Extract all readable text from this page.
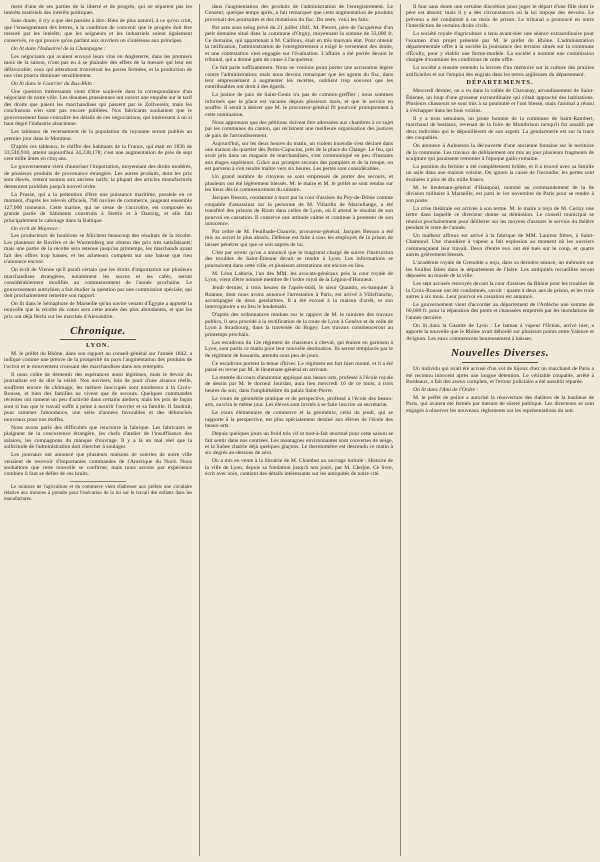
ment d'une de ses parties de la liberté et de progrès, qui ne séparent pas les intérêts matériels des intérêts politiques.

Sans doute, il n'y a que des paroles à dire. Rien de plus naturel, à ce qu'on croit, que l'enseignement des lettres, à la condition de convenir que le progrès doit être mesuré par les intérêts; que les seigneurs et les industriels soient également conservés, ce qui prouve qu'en parlant aux ouvriers on s'intéresse aux principes.

On lit dans l'Industriel de la Champagne :

Les négociants qui avaient envoyé leurs vins en Angleterre, dans les premiers mois de la saison, n'ont pas eu à se plaindre des effets de la mesure qui leur est défavorable; ceux qui attendront trouveront les portes fermées, et la production de nos vins pourra diminuer sensiblement.

On lit dans le Courrier du Bas-Rhin :

Une question intéressante vient d'être soulevée dans la correspondance d'un négociant de notre ville. Les douanes prussiennes ont ouvert une enquête sur le tarif des droits que paient les marchandises qui passent par le Zollverein; mais les conclusions n'en sont pas encore publiées. Nos fabricants souhaitent que le gouvernement fasse connaître les détails de ces négociations, qui intéressent à un si haut degré l'industrie alsacienne.

Les tableaux de recensement de la population du royaume seront publiés au premier jour dans le Moniteur.

D'après ces tableaux, le chiffre des habitants de la France, qui était en 1836 de 33,540,910, atteint aujourd'hui 34,230,178; c'est une augmentation de près de sept cent mille âmes en cinq ans.

Le gouvernement vient d'autoriser l'importation, moyennant des droits modérés, de plusieurs produits de provenance étrangère. Les autres produits, dont les prix sont élevés, restent soumis aux anciens tarifs; la plupart des articles manufacturés demeurent prohibés jusqu'à nouvel ordre.

La Prusse, qui a la prétention d'être une puissance maritime, possède en ce moment, d'après les relevés officiels, 790 navires de commerce, jaugeant ensemble 127,000 tonneaux. Cette marine, qui ne cesse de s'accroître, est composée en grande partie de bâtiments construits à Stettin et à Dantzig, et elle fait principalement le cabotage dans la Baltique.

On écrit de Mayence :

Les producteurs de houblons se félicitent beaucoup des résultats de la récolte. Les planteurs de Bavière et de Wurtemberg ont obtenu des prix très satisfaisants; mais une partie de la récolte sera retenue jusqu'au printemps, les marchands ayant fait des offres trop basses, et les acheteurs comptent sur une baisse que rien n'annonce encore.

On écrit de Vienne qu'il paraît certain que les droits d'importation sur plusieurs marchandises étrangères, notamment les sucres et les cafés, seront considérablement modifiés au commencement de l'année prochaine. Le gouvernement autrichien a fait étudier la question par une commission spéciale, qui doit prochainement remettre son rapport.

On lit dans le Sémaphore de Marseille qu'un navire venant d'Égypte a apporté la nouvelle que la récolte du coton sera cette année des plus abondantes, et que les prix ont déjà fléchi sur les marchés d'Alexandrie.

Chronique.
LYON.

M. le préfet du Rhône, dans son rapport au conseil-général sur l'année 1842, a indiqué comme une preuve de la prospérité du pays l'augmentation des produits de l'octroi et le mouvement croissant des marchandises dans nos entrepôts.

Il nous coûte de démentir des espérances aussi légitimes, mais le devoir du journaliste est de dire la vérité. Nos ouvriers, loin de jouir d'une aisance réelle, souffrent encore du chômage; les métiers inoccupés sont nombreux à la Croix-Rousse, et bien des familles ne vivent que de secours. Quelques commandes récentes ont ramené un peu d'activité dans certains ateliers; mais les prix de façon sont si bas que le travail suffit à peine à nourrir l'ouvrier et sa famille. Il faudrait, pour ramener l'abondance, une série d'années favorables et des débouchés nouveaux pour nos étoffes.

Nous avons parlé des difficultés que rencontre la fabrique. Les fabricants se plaignent de la concurrence étrangère, les chefs d'atelier de l'insuffisance des salaires, les compagnons du manque d'ouvrage. Il y a là un mal réel que la sollicitude de l'administration doit chercher à soulager.

Les journaux ont annoncé que plusieurs maisons de soieries de notre ville venaient de recevoir d'importantes commandes de l'Amérique du Nord. Nous souhaitons que cette nouvelle se confirme, mais nous savons par expérience combien il faut se défier de ces bruits.

Le ministre de l'agriculture et du commerce vient d'adresser aux préfets une circulaire relative aux mesures à prendre pour l'exécution de la loi sur le travail des enfants dans les manufactures.

dans l'augmentation des produits de l'administration de l'enregistrement. Le Censeur, quelque temps après, a fait remarquer que cette augmentation de produits provenait des poursuites et des mutations du fisc. Du reste, voici les faits.

Par acte sous seing privé du 21 juillet 1841, M. Pierret, père de l'acquéreur d'un petit domaine situé dans la commune d'Orgny, moyennant la somme de 33,000 fr. Ce domaine, qui appartenait à M. Cailloux, était en très mauvais état. Pour obtenir la ratification, l'administration de l'enregistrement a exigé le versement des droits, et une contestation s'est engagée sur l'évaluation. L'affaire a été portée devant le tribunal, qui a donné gain de cause à l'acquéreur.

Ce fait parle suffisamment. Nous ne voulons point porter une accusation légère contre l'administration; mais nous devons remarquer que les agents du fisc, dans leur empressement à augmenter les recettes, oublient trop souvent que les contribuables ont droit à des égards.

La justice de paix de Saint-Genis n'a pas de commis-greffier ; nous sommes informés que la place est vacante depuis plusieurs mois, et que le service en souffre. Il serait à désirer que M. le procureur-général fît pourvoir promptement à cette nomination.

Nous apprenons que des pétitions doivent être adressées aux chambres à ce sujet par les communes du canton, qui réclament une meilleure organisation des justices de paix de l'arrondissement.

Aujourd'hui, sur les deux heures du matin, un violent incendie s'est déclaré dans une maison du quartier des Petits-Capucins, près de la place du Change. Le feu, qui avait pris dans un magasin de marchandises, s'est communiqué en peu d'instants aux étages supérieurs. Grâce aux prompts secours des pompiers et de la troupe, on est parvenu à s'en rendre maître vers six heures. Les pertes sont considérables.

Un grand nombre de citoyens se sont empressés de porter des secours, et plusieurs ont été légèrement blessés. M. le maire et M. le préfet se sont rendus sur les lieux dès le commencement du sinistre.

Jacques Besson, condamné à mort par la cour d'assises du Puy-de-Dôme comme coupable d'assassinat sur la personne de M. Villardin de Marcellange, a été transféré des prisons de Riom dans celles de Lyon, où il attend le résultat de son pourvoi en cassation. Il conserve une attitude calme et continue à protester de son innocence.

Par ordre de M. Feuilhade-Chauvin, procureur-général, Jacques Besson a été mis au secret le plus absolu. Défense est faite à tous les employés de la prison de laisser pénétrer qui que ce soit auprès de lui.

C'est par erreur qu'on a annoncé que le magistrat chargé de suivre l'instruction des troubles de Saint-Étienne devait se rendre à Lyon. Les informations se poursuivent dans cette ville, et plusieurs arrestations ont encore eu lieu.

M. Léon Laborie, l'un des MM. les avocats-généraux près la cour royale de Lyon, vient d'être nommé membre de l'ordre royal de la Légion-d'Honneur.

Jeudi dernier, à trois heures de l'après-midi, le sieur Quantin, ex-banquier à Roanne, dont nous avons annoncé l'arrestation à Paris, est arrivé à Villefranche, accompagné de deux gendarmes. Il a été écroué à la maison d'arrêt, et son interrogatoire a eu lieu le lendemain.

D'après des ordonnances rendues sur le rapport de M. le ministre des travaux publics, il sera procédé à la rectification de la route de Lyon à Genève et de celle de Lyon à Strasbourg, dans la traversée du Bugey. Les travaux commenceront au printemps prochain.

Les escadrons du 12e régiment de chasseurs à cheval, qui étaient en garnison à Lyon, sont partis ce matin pour leur nouvelle destination. Ils seront remplacés par le 8e régiment de hussards, attendu sous peu de jours.

Ce escadrons portent la tenue d'hiver. Le régiment est fort bien monté, et il a été passé en revue par M. le lieutenant-général en arrivant.

La rentrée du cours d'anatomie appliqué aux beaux-arts, professé à l'école royale de dessin par M. le docteur Jourdan, aura lieu mercredi 16 de ce mois, à trois heures du soir, dans l'amphithéâtre du palais Saint-Pierre.

Le cours de géométrie pratique et de perspective, professé à l'école des beaux-arts, ouvrira le même jour. Les élèves sont invités à se faire inscrire au secrétariat.

Le cours élémentaire de commerce et la géométrie, celui du jeudi, qui se rapporte à la perspective, est plus spécialement destiné aux élèves de l'école des beaux-arts.

Depuis quelques jours un froid très vif et tout-à-fait anormal pour cette saison se fait sentir dans nos contrées. Les montagnes environnantes sont couvertes de neige, et la Saône charrie déjà quelques glaçons. Le thermomètre est descendu ce matin à six degrés au-dessous de zéro.

On a mis en vente à la librairie de M. Chambet un ouvrage intitulé : Histoire de la ville de Lyon, depuis sa fondation jusqu'à nos jours, par M. Clerjon. Ce livre, écrit avec soin, contient des détails intéressants sur les antiquités de notre cité.

Il faut sans doute une certaine discrétion pour juger le départ d'une fille dont le père est absent; mais il y a des circonstances où la loi impose des devoirs. Le prévenu a été condamné à un mois de prison. Le tribunal a prononcé en outre l'interdiction de certains droits civils.

La société royale d'agriculture a tenu avant-hier une séance extraordinaire pour l'examen d'un projet présenté par M. le préfet du Rhône. L'administration départementale offre à la société la jouissance des terrains situés sur la commune d'Écully, pour y établir une ferme-modèle. La société a nommé une commission chargée d'examiner les conditions de cette offre.

La société a ensuite entendu la lecture d'un mémoire sur la culture des prairies artificielles et sur l'emploi des engrais dans les terres argileuses du département.

DÉPARTEMENTS.

Mercredi dernier, on a vu dans la vallée de Chavanay, arrondissement de Saint-Étienne, un loup d'une grosseur extraordinaire qui s'était approché des habitations. Plusieurs chasseurs se sont mis à sa poursuite et l'ont blessé, mais l'animal a réussi à s'échapper dans les bois voisins.

Il y a trois semaines, un jeune homme de la commune de Saint-Rambert, marchand de bestiaux, revenait de la foire de Montbrison lorsqu'il fut assailli par deux individus qui le dépouillèrent de son argent. La gendarmerie est sur la trace des coupables.

On annonce à Aubusson la découverte d'une ancienne fontaine sur le territoire de la commune. Les travaux de déblaiement ont mis au jour plusieurs fragments de sculpture qui paraissent remonter à l'époque gallo-romaine.

La position du fermier a été complètement brûlée, et il a trouvé avec sa famille un asile dans une maison voisine. On ignore la cause de l'incendie; les pertes sont évaluées à plus de dix mille francs.

M. le lieutenant-général d'Hautpoul, nommé au commandement de la 8e division militaire à Marseille, est parti le 1er novembre de Paris pour se rendre à son poste.

La crise théâtrale est arrivée à son terme. M. le maire a reçu de M. Cerizy une lettre dans laquelle ce directeur donne sa démission. Le conseil municipal se réunira prochainement pour délibérer sur les moyens d'assurer le service du théâtre pendant le reste de l'année.

Un malheur affreux est arrivé à la fabrique de MM. Laurent frères, à Saint-Chamond. Une chaudière à vapeur a fait explosion au moment où les ouvriers commençaient leur travail. Deux d'entre eux ont été tués sur le coup, et quatre autres grièvement blessés.

L'académie royale de Grenoble a reçu, dans sa dernière séance, un mémoire sur les fouilles faites dans le département de l'Isère. Les antiquités recueillies seront déposées au musée de la ville.

Les sept accusés renvoyés devant la cour d'assises du Rhône pour les troubles de la Croix-Rousse ont été condamnés, savoir : quatre à deux ans de prison, et les trois autres à six mois. Leur pourvoi en cassation est annoncé.

Le gouvernement vient d'accorder au département de l'Ardèche une somme de 60,000 fr. pour la réparation des ponts et chaussées emportés par les inondations de l'année dernière.

On lit dans la Gazette de Lyon : Le bateau à vapeur l'Océan, arrivé hier, a apporté la nouvelle que le Rhône avait débordé sur plusieurs points entre Valence et Avignon. Les eaux commencent heureusement à baisser.

Nouvelles Diverses.

Un individu qui avait été accusé d'un vol de bijoux chez un marchand de Paris a été reconnu innocent après une longue détention. Le véritable coupable, arrêté à Bordeaux, a fait des aveux complets, et l'erreur judiciaire a été aussitôt réparée.

On lit dans l'Ami de l'Ordre :

M. le préfet de police a autorisé la réouverture des théâtres de la banlieue de Paris, qui avaient été fermés par mesure de sûreté publique. Les directeurs se sont engagés à observer les nouveaux règlements sur les représentations du soir.
